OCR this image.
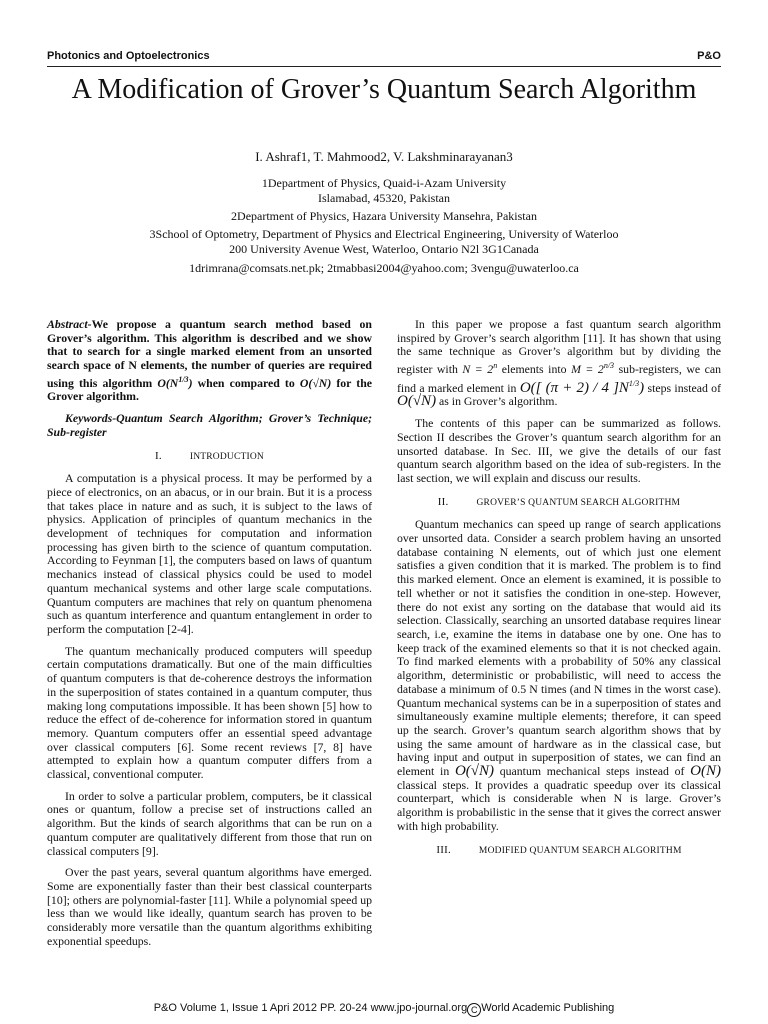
Photonics and Optoelectronics	P&O
A Modification of Grover’s Quantum Search Algorithm
I. Ashraf1, T. Mahmood2, V. Lakshminarayanan3
1Department of Physics, Quaid-i-Azam University
Islamabad, 45320, Pakistan
2Department of Physics, Hazara University Mansehra, Pakistan
3School of Optometry, Department of Physics and Electrical Engineering, University of Waterloo
200 University Avenue West, Waterloo, Ontario N2l 3G1Canada
1drimrana@comsats.net.pk; 2tmabbasi2004@yahoo.com; 3vengu@uwaterloo.ca

Abstract-We propose a quantum search method based on Grover’s algorithm. This algorithm is described and we show that to search for a single marked element from an unsorted search space of N elements, the number of queries are required using this algorithm $O(N^{1/3})$ when compared to O(√N) for the Grover algorithm.

Keywords-Quantum Search Algorithm; Grover’s Technique; Sub-register
I.	INTRODUCTION

A computation is a physical process. It may be performed by a piece of electronics, on an abacus, or in our brain. But it is a process that takes place in nature and as such, it is subject to the laws of physics. Application of principles of quantum mechanics in the development of techniques for computation and information processing has given birth to the science of quantum computation. According to Feynman [1], the computers based on laws of quantum mechanics instead of classical physics could be used to model quantum mechanical systems and other large scale computations. Quantum computers are machines that rely on quantum phenomena such as quantum interference and quantum entanglement in order to perform the computation [2-4].

The quantum mechanically produced computers will speedup certain computations dramatically. But one of the main difficulties of quantum computers is that de-coherence destroys the information in the superposition of states contained in a quantum computer, thus making long computations impossible. It has been shown [5] how to reduce the effect of de-coherence for information stored in quantum memory. Quantum computers offer an essential speed advantage over classical computers [6]. Some recent reviews [7, 8] have attempted to explain how a quantum computer differs from a classical, conventional computer.

In order to solve a particular problem, computers, be it classical ones or quantum, follow a precise set of instructions called an algorithm. But the kinds of search algorithms that can be run on a quantum computer are qualitatively different from those that run on classical computers [9].

Over the past years, several quantum algorithms have emerged. Some are exponentially faster than their best classical counterparts [10]; others are polynomial-faster [11]. While a polynomial speed up less than we would like ideally, quantum search has proven to be considerably more versatile than the quantum algorithms exhibiting exponential speedups.

In this paper we propose a fast quantum search algorithm inspired by Grover’s search algorithm [11]. It has shown that using the same technique as Grover’s algorithm but by dividing the register with $N = 2^n$ elements into $M = 2^{n/3}$ sub-registers, we can find a marked element in O([ (π + 2) / 4 ]$N^{1/3}$) steps instead of O(√N) as in Grover’s algorithm.

The contents of this paper can be summarized as follows. Section II describes the Grover’s quantum search algorithm for an unsorted database. In Sec. III, we give the details of our fast quantum search algorithm based on the idea of sub-registers. In the last section, we will explain and discuss our results.

II.	GROVER’S QUANTUM SEARCH ALGORITHM

Quantum mechanics can speed up range of search applications over unsorted data. Consider a search problem having an unsorted database containing N elements, out of which just one element satisfies a given condition that it is marked. The problem is to find this marked element. Once an element is examined, it is possible to tell whether or not it satisfies the condition in one-step. However, there do not exist any sorting on the database that would aid its selection. Classically, searching an unsorted database requires linear search, i.e, examine the items in database one by one. One has to keep track of the examined elements so that it is not checked again. To find marked elements with a probability of 50% any classical algorithm, deterministic or probabilistic, will need to access the database a minimum of 0.5 N times (and N times in the worst case). Quantum mechanical systems can be in a superposition of states and simultaneously examine multiple elements; therefore, it can speed up the search. Grover’s quantum search algorithm shows that by using the same amount of hardware as in the classical case, but having input and output in superposition of states, we can find an element in O(√N) quantum mechanical steps instead of O(N) classical steps. It provides a quadratic speedup over its classical counterpart, which is considerable when N is large. Grover’s algorithm is probabilistic in the sense that it gives the correct answer with high probability.

III.	MODIFIED QUANTUM SEARCH ALGORITHM
P&O Volume 1, Issue 1 Apri 2012 PP. 20-24 www.jpo-journal.org C World Academic Publishing
